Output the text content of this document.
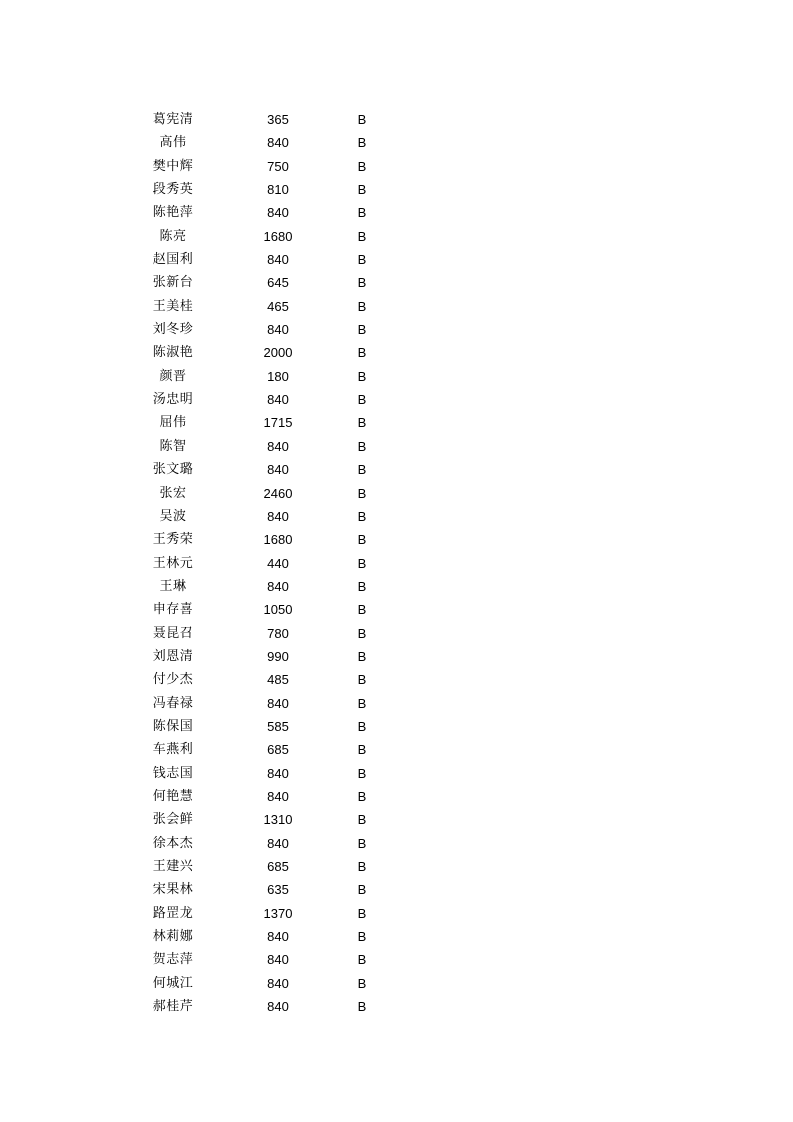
葛宪清	365	B
高伟	840	B
樊中辉	750	B
段秀英	810	B
陈艳萍	840	B
陈亮	1680	B
赵国利	840	B
张新台	645	B
王美桂	465	B
刘冬珍	840	B
陈淑艳	2000	B
颜晋	180	B
汤忠明	840	B
屈伟	1715	B
陈智	840	B
张文璐	840	B
张宏	2460	B
吴波	840	B
王秀荣	1680	B
王林元	440	B
王琳	840	B
申存喜	1050	B
聂昆召	780	B
刘恩清	990	B
付少杰	485	B
冯春禄	840	B
陈保国	585	B
车燕利	685	B
钱志国	840	B
何艳慧	840	B
张会鲜	1310	B
徐本杰	840	B
王建兴	685	B
宋果林	635	B
路罡龙	1370	B
林莉娜	840	B
贺志萍	840	B
何城江	840	B
郝桂芹	840	B
